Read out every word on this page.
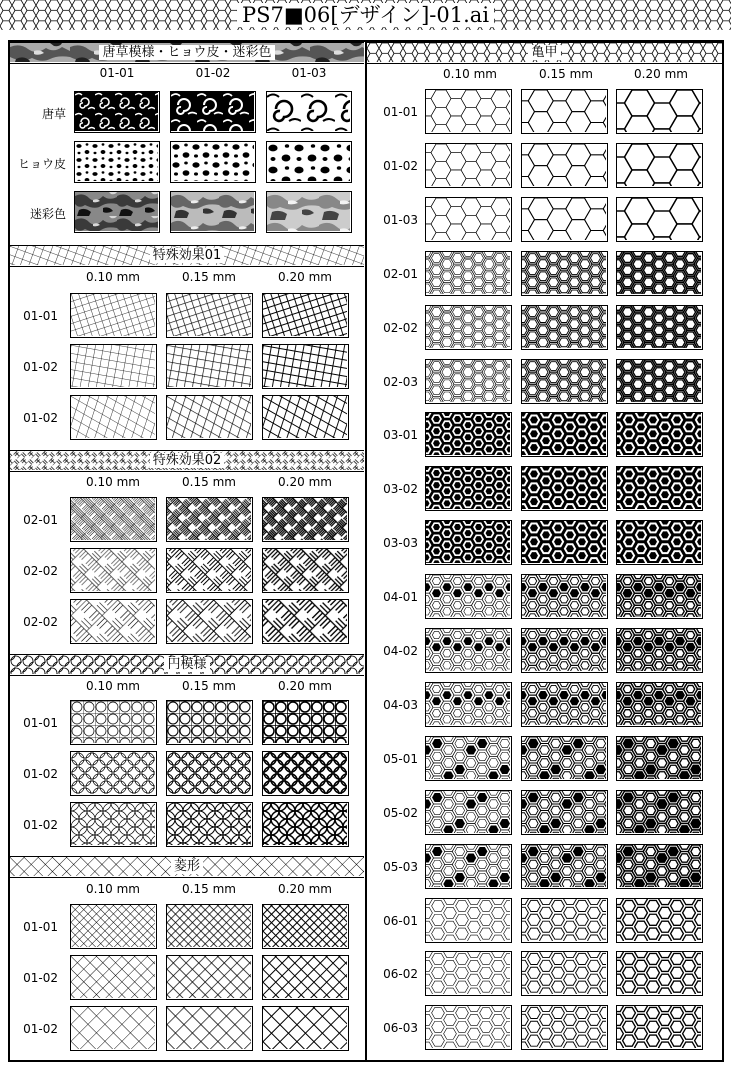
PS7■06[デザイン]-01.ai
唐草模様・ヒョウ皮・迷彩色
01-01	01-02	01-03
唐草
ヒョウ皮
迷彩色
特殊効果01
0.10 mm	0.15 mm	0.20 mm
01-01
01-02
01-02
特殊効果02
0.10 mm	0.15 mm	0.20 mm
02-01
02-02
02-02
円模様
0.10 mm	0.15 mm	0.20 mm
01-01
01-02
01-02
菱形
0.10 mm	0.15 mm	0.20 mm
01-01
01-02
01-02
亀甲
0.10 mm	0.15 mm	0.20 mm
01-01
01-02
01-03
02-01
02-02
02-03
03-01
03-02
03-03
04-01
04-02
04-03
05-01
05-02
05-03
06-01
06-02
06-03
